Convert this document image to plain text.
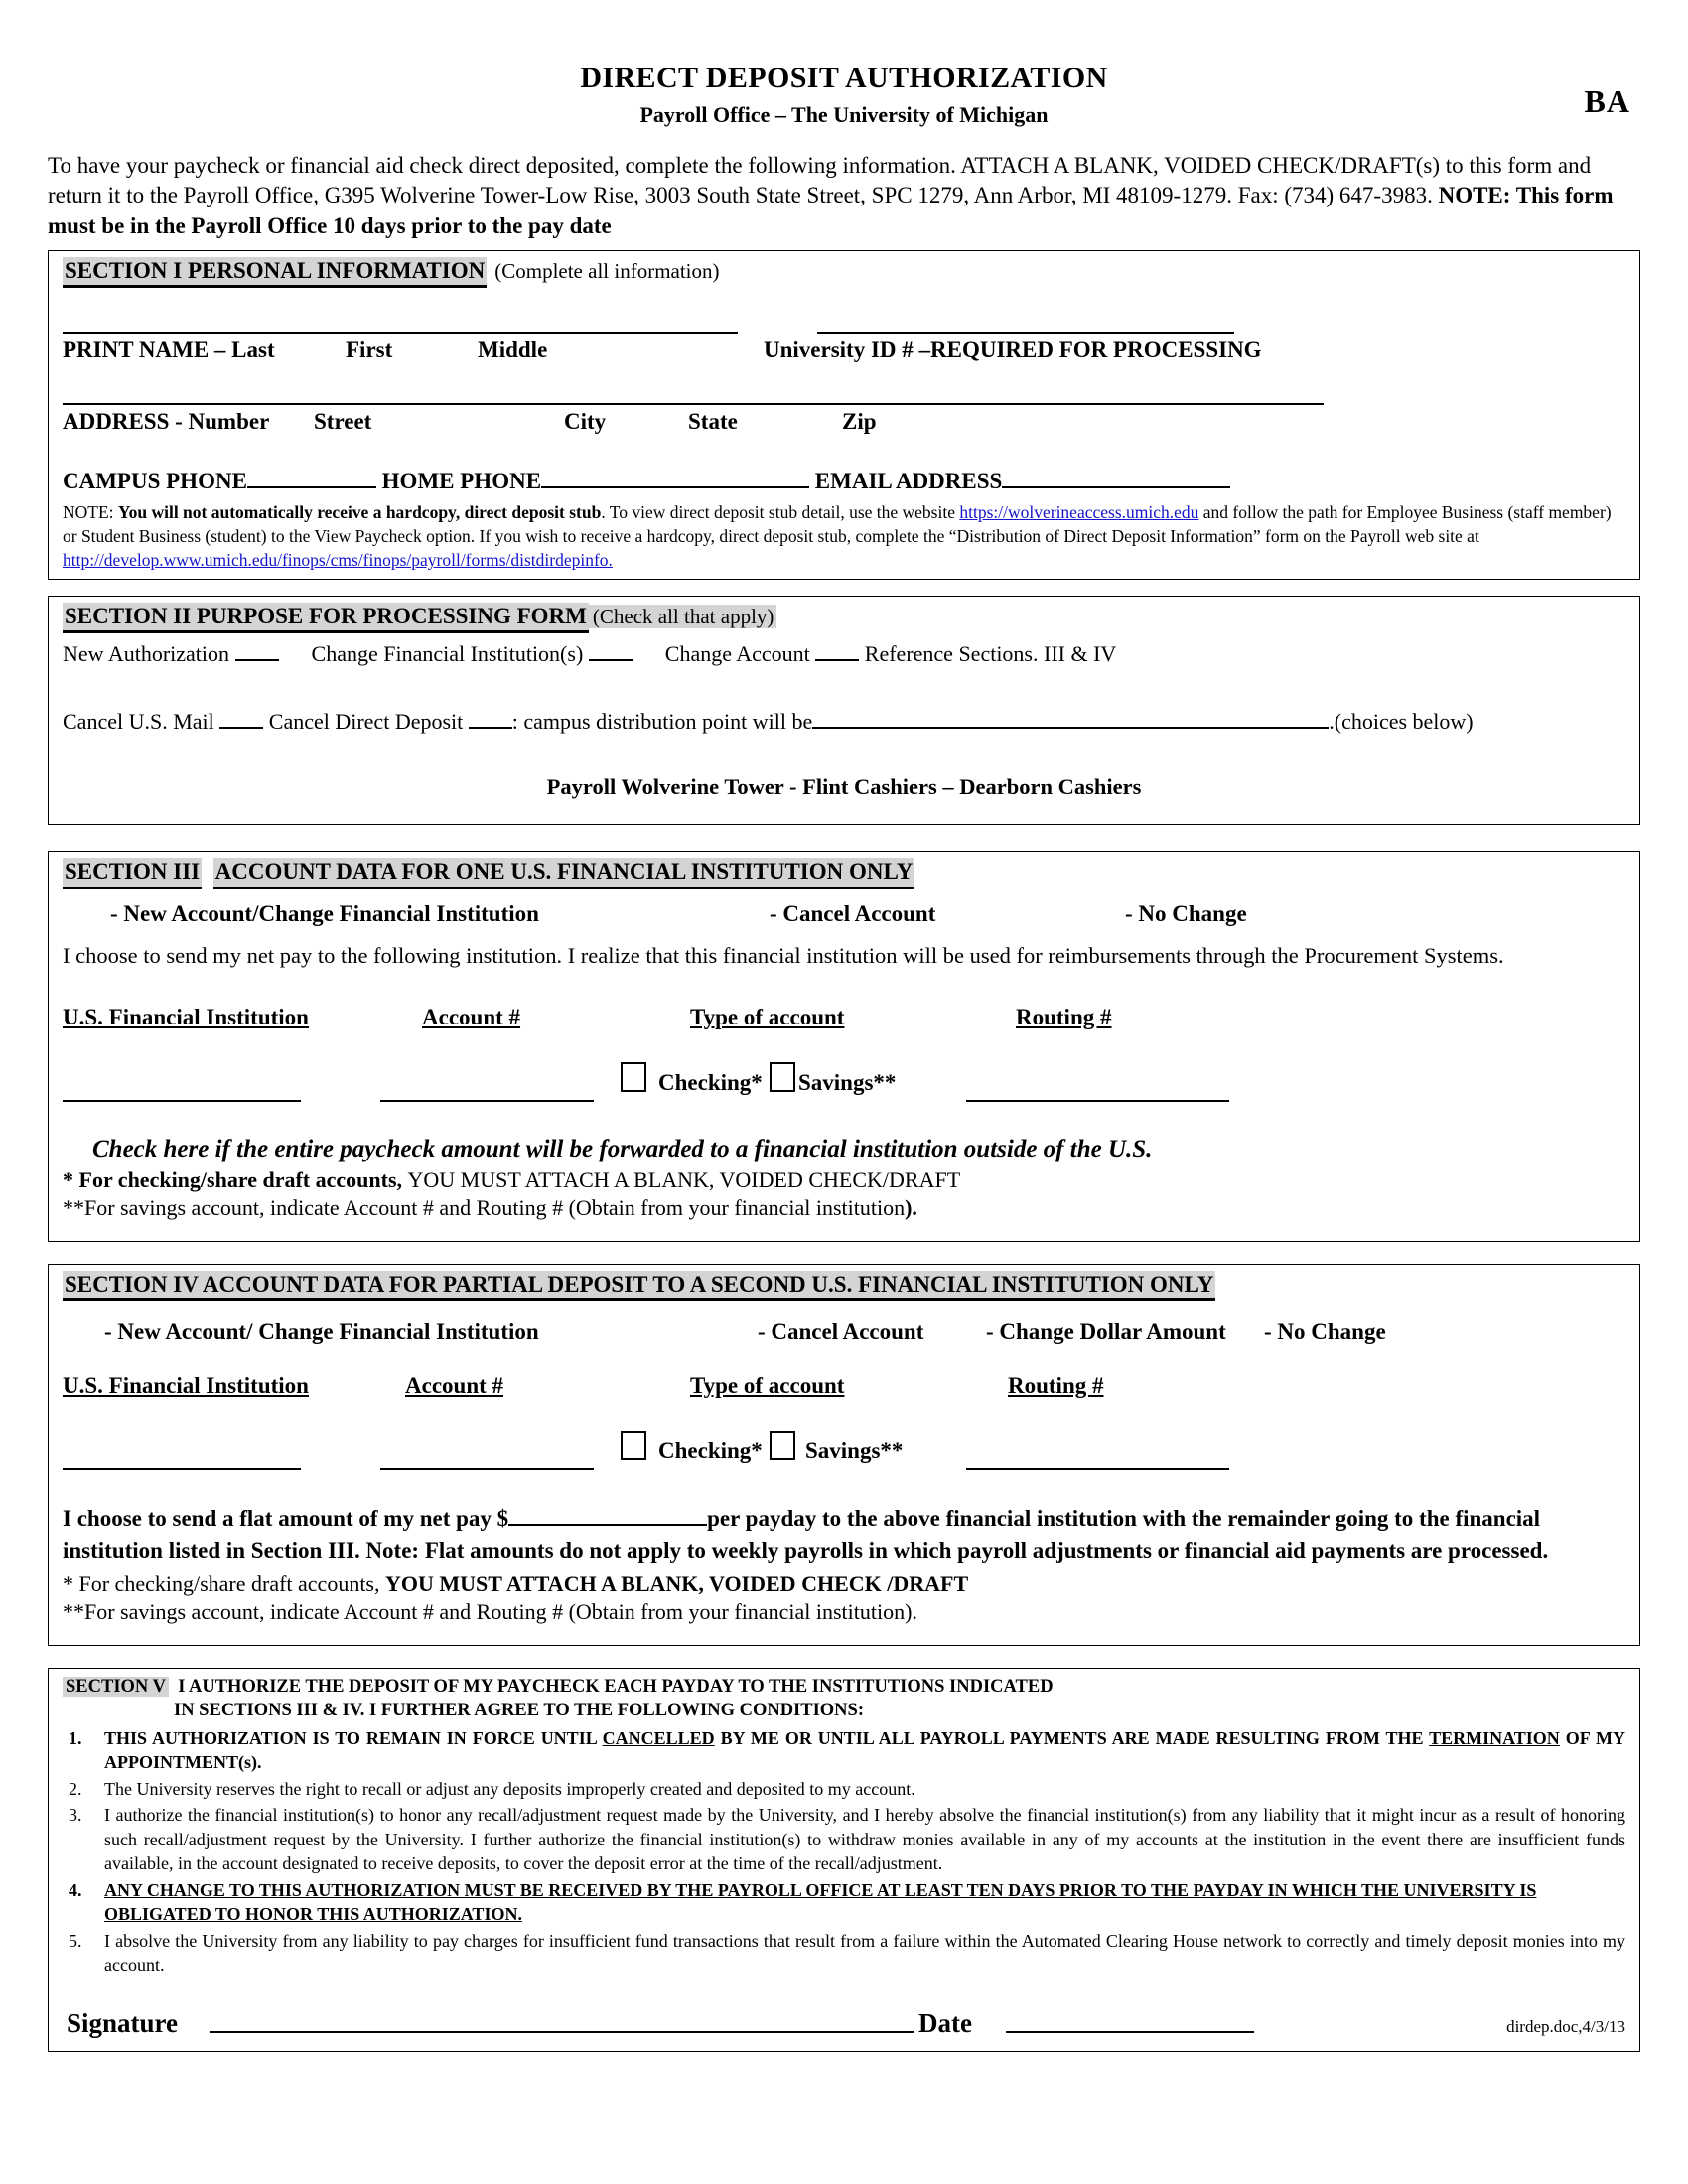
DIRECT DEPOSIT AUTHORIZATION
Payroll Office – The University of Michigan	BA
To have your paycheck or financial aid check direct deposited, complete the following information. ATTACH A BLANK, VOIDED CHECK/DRAFT(s) to this form and return it to the Payroll Office, G395 Wolverine Tower-Low Rise, 3003 South State Street, SPC 1279, Ann Arbor, MI 48109-1279. Fax: (734) 647-3983. NOTE: This form must be in the Payroll Office 10 days prior to the pay date
SECTION I PERSONAL INFORMATION (Complete all information)
PRINT NAME – Last	First	Middle	University ID # –REQUIRED FOR PROCESSING
ADDRESS - Number Street	City	State	Zip
CAMPUS PHONE	HOME PHONE	EMAIL ADDRESS
NOTE: You will not automatically receive a hardcopy, direct deposit stub. To view direct deposit stub detail, use the website https://wolverineaccess.umich.edu and follow the path for Employee Business (staff member) or Student Business (student) to the View Paycheck option. If you wish to receive a hardcopy, direct deposit stub, complete the “Distribution of Direct Deposit Information” form on the Payroll web site at http://develop.www.umich.edu/finops/cms/finops/payroll/forms/distdirdepinfo.
SECTION II PURPOSE FOR PROCESSING FORM (Check all that apply)
New Authorization	Change Financial Institution(s)	Change Account  Reference Sections. III & IV
Cancel U.S. Mail  Cancel Direct Deposit : campus distribution point will be	.(choices below)
Payroll Wolverine Tower - Flint Cashiers – Dearborn Cashiers
SECTION III ACCOUNT DATA FOR ONE U.S. FINANCIAL INSTITUTION ONLY
- New Account/Change Financial Institution	- Cancel Account	- No Change
I choose to send my net pay to the following institution. I realize that this financial institution will be used for reimbursements through the Procurement Systems.
U.S. Financial Institution	Account #	Type of account	Routing #
Checking* Savings**
Check here if the entire paycheck amount will be forwarded to a financial institution outside of the U.S.
* For checking/share draft accounts, YOU MUST ATTACH A BLANK, VOIDED CHECK/DRAFT
**For savings account, indicate Account # and Routing # (Obtain from your financial institution).
SECTION IV ACCOUNT DATA FOR PARTIAL DEPOSIT TO A SECOND U.S. FINANCIAL INSTITUTION ONLY
- New Account/ Change Financial Institution	- Cancel Account	- Change Dollar Amount - No Change
U.S. Financial Institution	Account #	Type of account	Routing #
Checking* Savings**
I choose to send a flat amount of my net pay $	per payday to the above financial institution with the remainder going to the financial institution listed in Section III. Note: Flat amounts do not apply to weekly payrolls in which payroll adjustments or financial aid payments are processed.
* For checking/share draft accounts, YOU MUST ATTACH A BLANK, VOIDED CHECK /DRAFT
**For savings account, indicate Account # and Routing # (Obtain from your financial institution).
SECTION V I AUTHORIZE THE DEPOSIT OF MY PAYCHECK EACH PAYDAY TO THE INSTITUTIONS INDICATED
IN SECTIONS III & IV. I FURTHER AGREE TO THE FOLLOWING CONDITIONS:
1.	THIS AUTHORIZATION IS TO REMAIN IN FORCE UNTIL CANCELLED BY ME OR UNTIL ALL PAYROLL PAYMENTS ARE MADE RESULTING FROM THE TERMINATION OF MY APPOINTMENT(s).
2.	The University reserves the right to recall or adjust any deposits improperly created and deposited to my account.
3.	I authorize the financial institution(s) to honor any recall/adjustment request made by the University, and I hereby absolve the financial institution(s) from any liability that it might incur as a result of honoring such recall/adjustment request by the University. I further authorize the financial institution(s) to withdraw monies available in any of my accounts at the institution in the event there are insufficient funds available, in the account designated to receive deposits, to cover the deposit error at the time of the recall/adjustment.
4.	ANY CHANGE TO THIS AUTHORIZATION MUST BE RECEIVED BY THE PAYROLL OFFICE AT LEAST TEN DAYS PRIOR TO THE PAYDAY IN WHICH THE UNIVERSITY IS OBLIGATED TO HONOR THIS AUTHORIZATION.
5.	I absolve the University from any liability to pay charges for insufficient fund transactions that result from a failure within the Automated Clearing House network to correctly and timely deposit monies into my account.
Signature	Date	dirdep.doc,4/3/13
